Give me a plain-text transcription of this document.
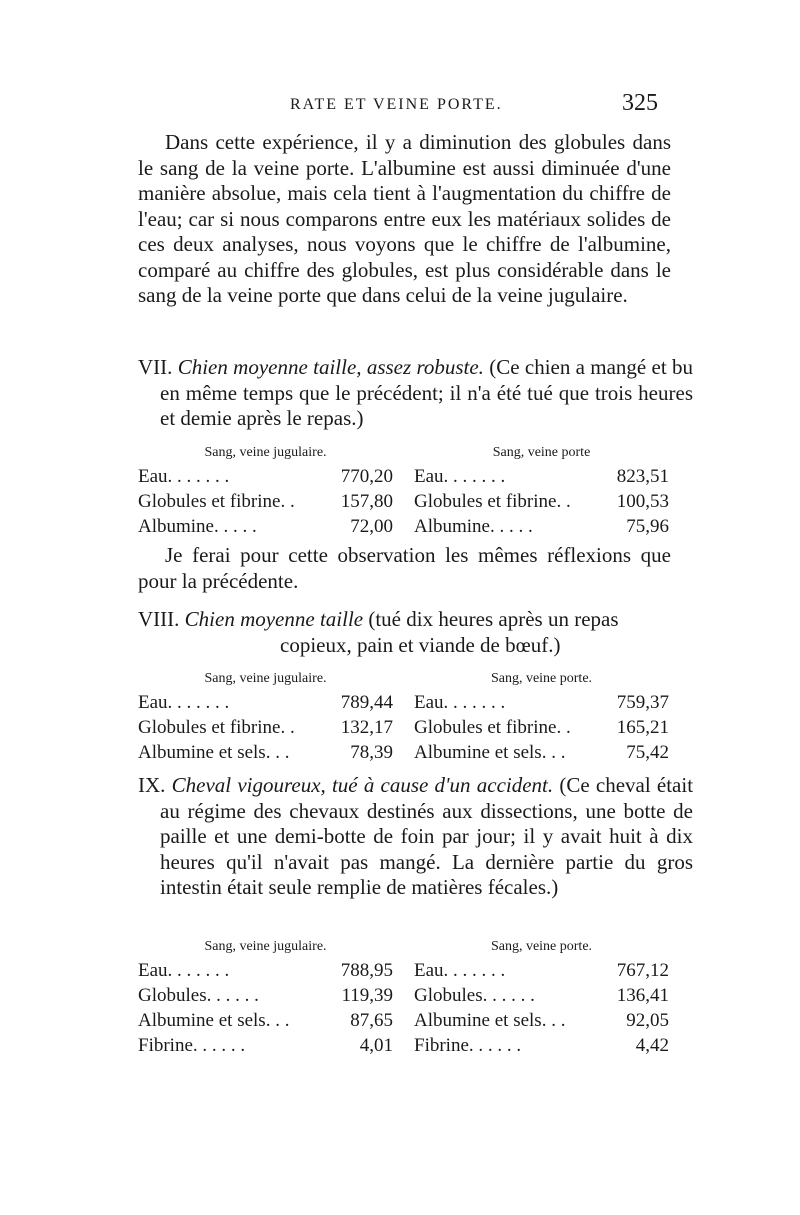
RATE ET VEINE PORTE.	325

Dans cette expérience, il y a diminution des globules dans le sang de la veine porte. L'albumine est aussi diminuée d'une manière absolue, mais cela tient à l'augmentation du chiffre de l'eau; car si nous comparons entre eux les matériaux solides de ces deux analyses, nous voyons que le chiffre de l'albumine, comparé au chiffre des globules, est plus considérable dans le sang de la veine porte que dans celui de la veine jugulaire.

VII. Chien moyenne taille, assez robuste. (Ce chien a mangé et bu en même temps que le précédent; il n'a été tué que trois heures et demie après le repas.)

Sang, veine jugulaire.
Eau. . . . . . .	770,20
Globules et fibrine. . 157,80
Albumine. . . . .	72,00
Sang, veine porte
Eau. . . . . . .	823,51
Globules et fibrine. . 100,53
Albumine. . . . .	75,96

Je ferai pour cette observation les mêmes réflexions que pour la précédente.

VIII. Chien moyenne taille (tué dix heures après un repas
copieux, pain et viande de bœuf.)

Sang, veine jugulaire.
Eau. . . . . . .	789,44
Globules et fibrine. . 132,17
Albumine et sels. . .	78,39
Sang, veine porte.
Eau. . . . . . .	759,37
Globules et fibrine. . 165,21
Albumine et sels. . .	75,42

IX. Cheval vigoureux, tué à cause d'un accident. (Ce cheval était au régime des chevaux destinés aux dissections, une botte de paille et une demi-botte de foin par jour; il y avait huit à dix heures qu'il n'avait pas mangé. La dernière partie du gros intestin était seule remplie de matières fécales.)

Sang, veine jugulaire.
Eau. . . . . . .	788,95
Globules. . . . . .	119,39
Albumine et sels. . .	87,65
Fibrine. . . . . .	4,01
Sang, veine porte.
Eau. . . . . . .	767,12
Globules. . . . . .	136,41
Albumine et sels. . .	92,05
Fibrine. . . . . .	4,42
